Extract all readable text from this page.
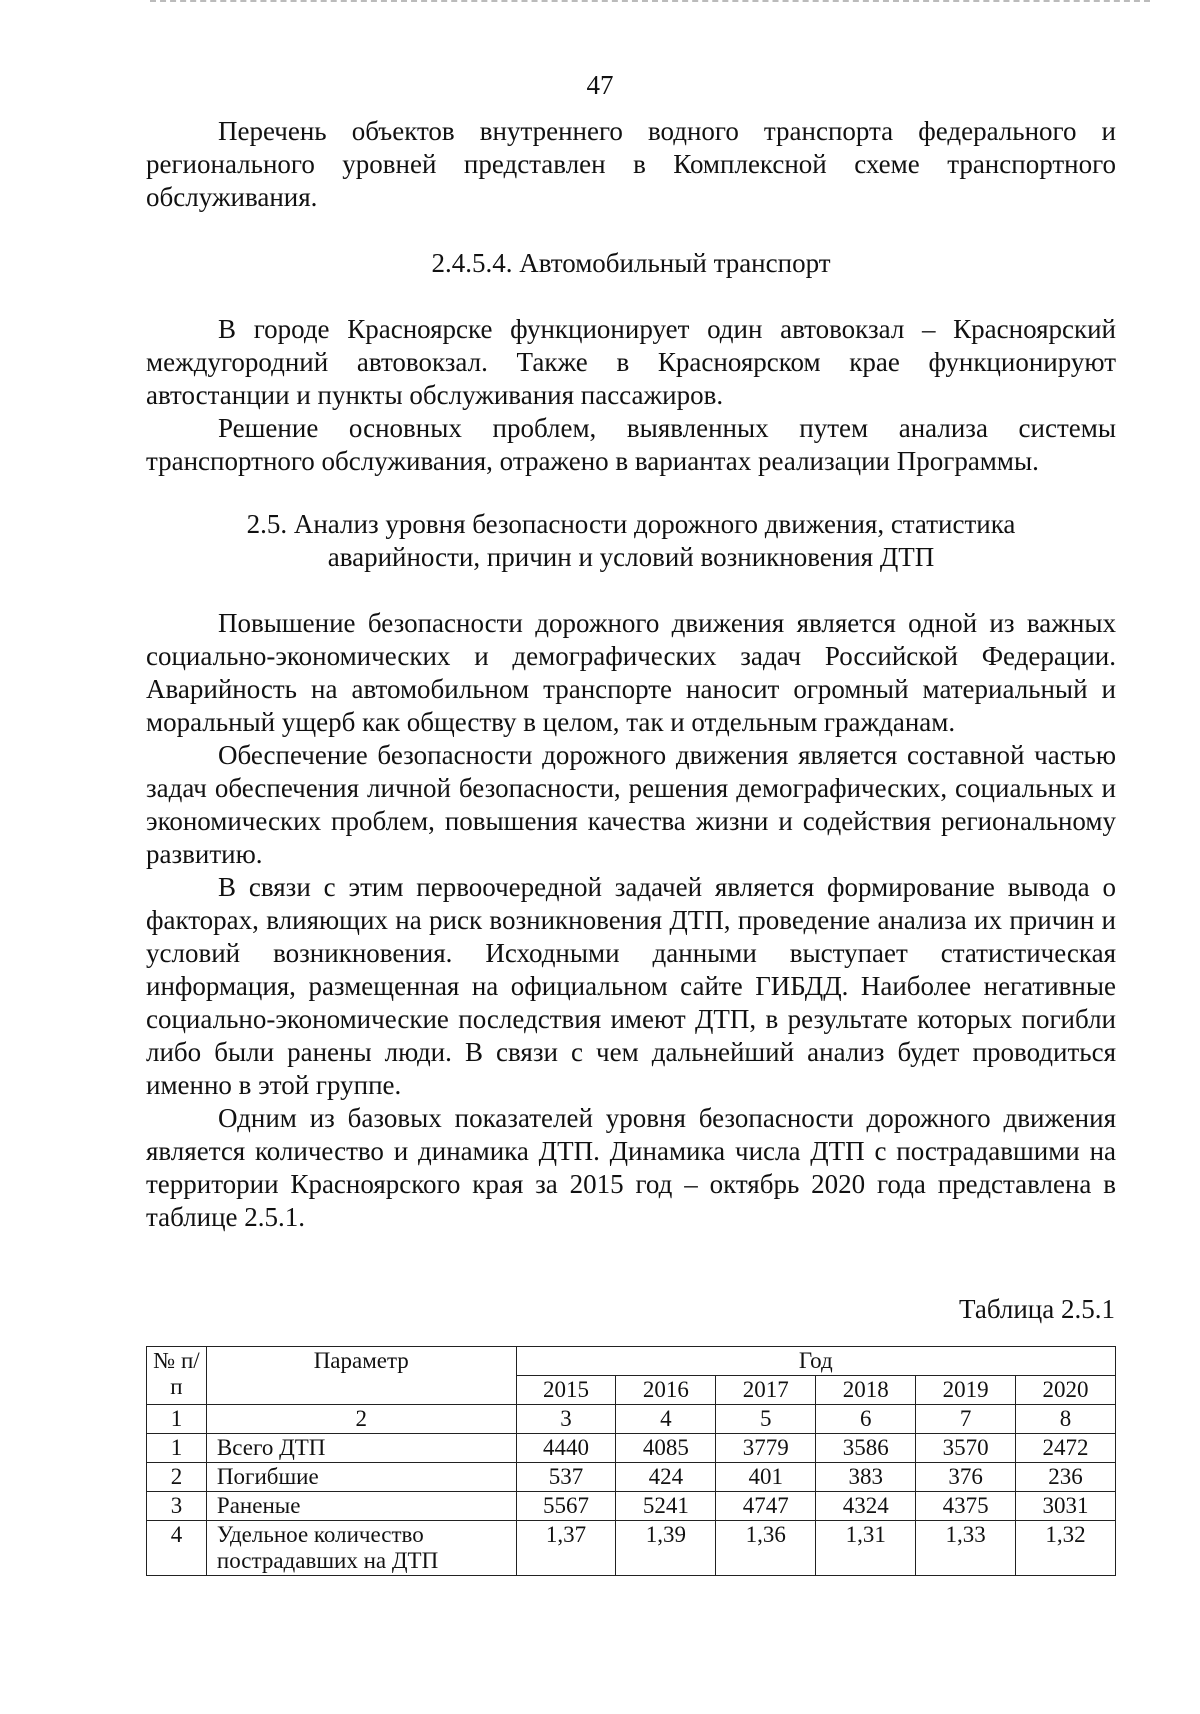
47

Перечень объектов внутреннего водного транспорта федерального и регионального уровней представлен в Комплексной схеме транспортного обслуживания.

2.4.5.4. Автомобильный транспорт

В городе Красноярске функционирует один автовокзал – Красноярский междугородний автовокзал. Также в Красноярском крае функционируют автостанции и пункты обслуживания пассажиров.

Решение основных проблем, выявленных путем анализа системы транспортного обслуживания, отражено в вариантах реализации Программы.

2.5. Анализ уровня безопасности дорожного движения, статистика
аварийности, причин и условий возникновения ДТП

Повышение безопасности дорожного движения является одной из важных социально-экономических и демографических задач Российской Федерации. Аварийность на автомобильном транспорте наносит огромный материальный и моральный ущерб как обществу в целом, так и отдельным гражданам.

Обеспечение безопасности дорожного движения является составной частью задач обеспечения личной безопасности, решения демографических, социальных и экономических проблем, повышения качества жизни и содействия региональному развитию.

В связи с этим первоочередной задачей является формирование вывода о факторах, влияющих на риск возникновения ДТП, проведение анализа их причин и условий возникновения. Исходными данными выступает статистическая информация, размещенная на официальном сайте ГИБДД. Наиболее негативные социально-экономические последствия имеют ДТП, в результате которых погибли либо были ранены люди. В связи с чем дальнейший анализ будет проводиться именно в этой группе.

Одним из базовых показателей уровня безопасности дорожного движения является количество и динамика ДТП. Динамика числа ДТП с пострадавшими на территории Красноярского края за 2015 год – октябрь 2020 года представлена в таблице 2.5.1.

Таблица 2.5.1
№ п/п	Параметр	Год					
		2015	2016	2017	2018	2019	2020
1	2	3	4	5	6	7	8
1	Всего ДТП	4440	4085	3779	3586	3570	2472
2	Погибшие	537	424	401	383	376	236
3	Раненые	5567	5241	4747	4324	4375	3031
4	Удельное количество пострадавших на ДТП	1,37	1,39	1,36	1,31	1,33	1,32
